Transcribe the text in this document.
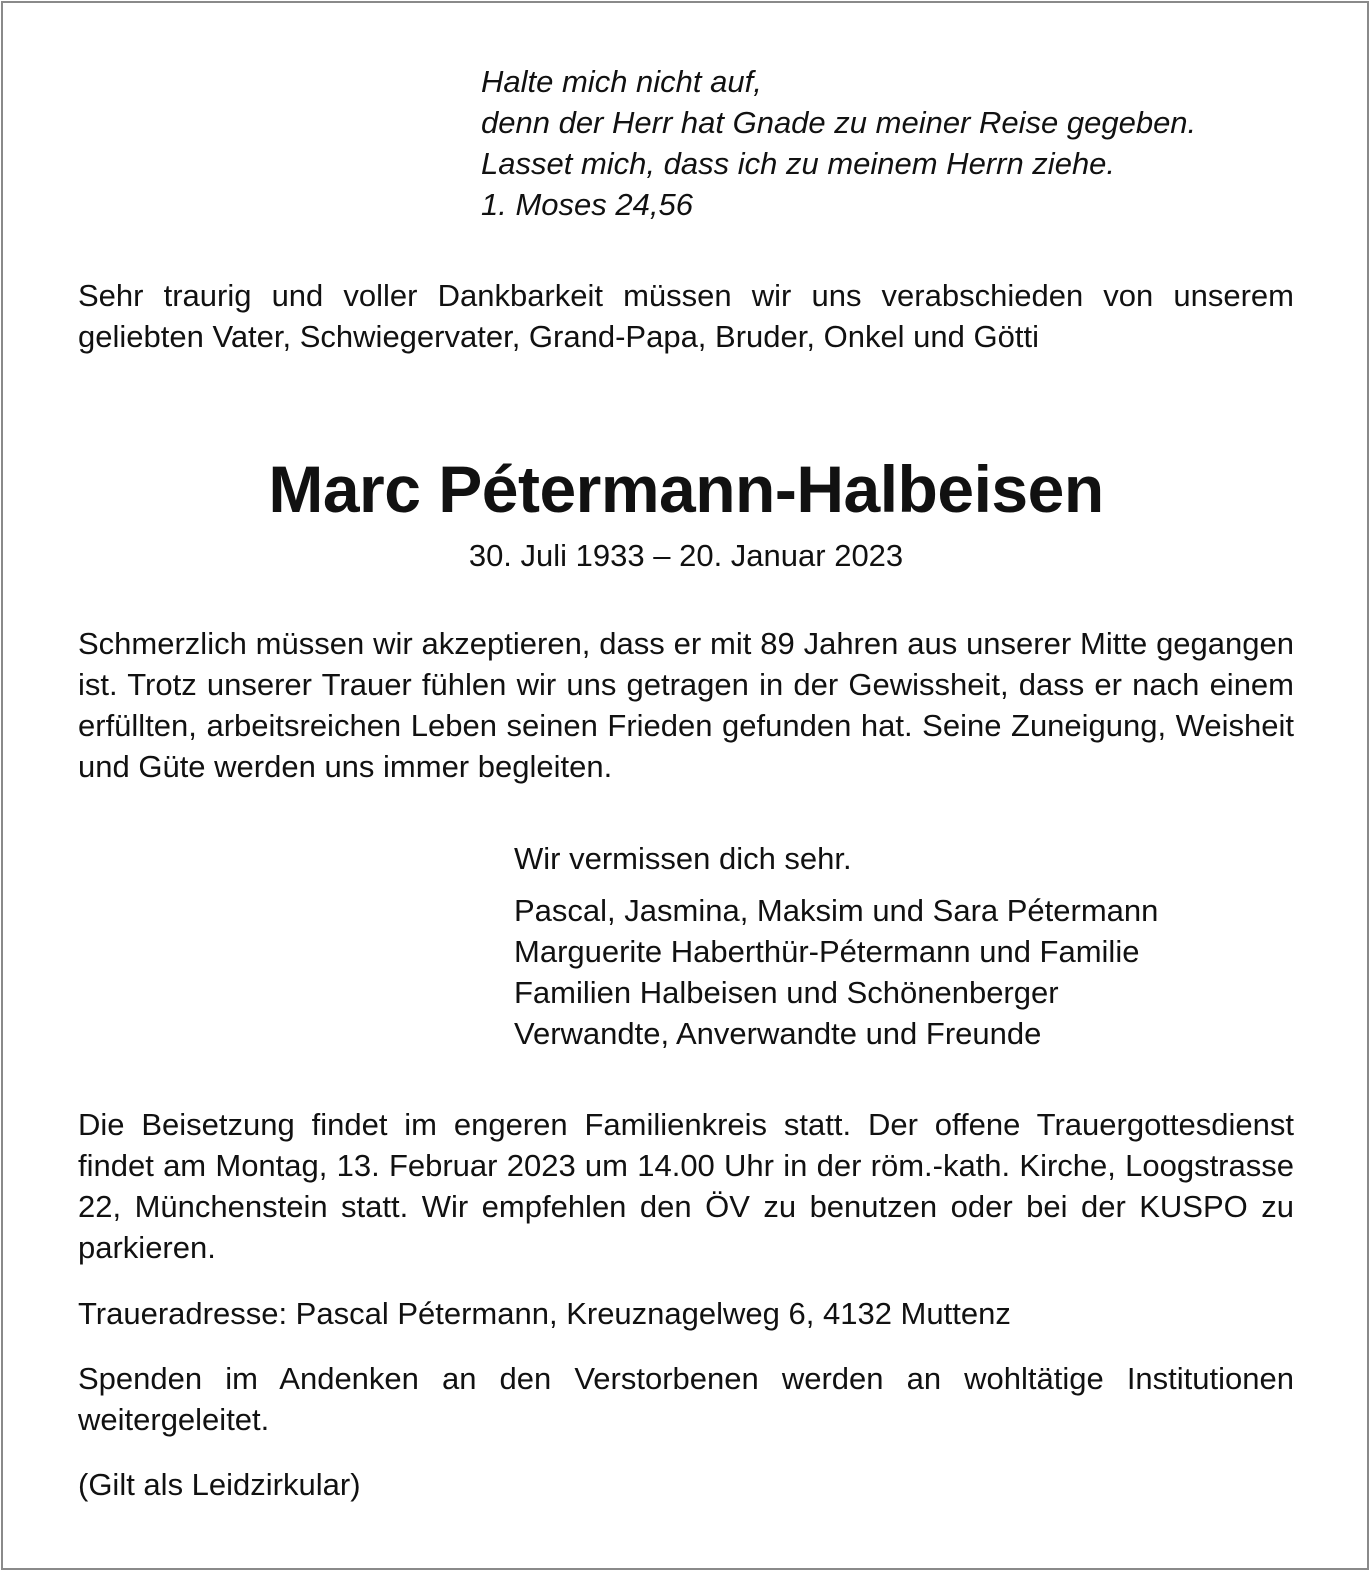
Halte mich nicht auf,
denn der Herr hat Gnade zu meiner Reise gegeben.
Lasset mich, dass ich zu meinem Herrn ziehe.
1. Moses 24,56
Sehr traurig und voller Dankbarkeit müssen wir uns verabschieden von unserem geliebten Vater, Schwiegervater, Grand-Papa, Bruder, Onkel und Götti
Marc Pétermann-Halbeisen
30. Juli 1933 – 20. Januar 2023
Schmerzlich müssen wir akzeptieren, dass er mit 89 Jahren aus unserer Mitte gegangen ist. Trotz unserer Trauer fühlen wir uns getragen in der Gewissheit, dass er nach einem erfüllten, arbeitsreichen Leben seinen Frieden gefunden hat. Seine Zuneigung, Weisheit und Güte werden uns immer begleiten.
Wir vermissen dich sehr.
Pascal, Jasmina, Maksim und Sara Pétermann
Marguerite Haberthür-Pétermann und Familie
Familien Halbeisen und Schönenberger
Verwandte, Anverwandte und Freunde
Die Beisetzung findet im engeren Familienkreis statt. Der offene Trauergottesdienst findet am Montag, 13. Februar 2023 um 14.00 Uhr in der röm.-kath. Kirche, Loogstrasse 22, Münchenstein statt. Wir empfehlen den ÖV zu benutzen oder bei der KUSPO zu parkieren.
Traueradresse: Pascal Pétermann, Kreuznagelweg 6, 4132 Muttenz
Spenden im Andenken an den Verstorbenen werden an wohltätige Institutionen weitergeleitet.
(Gilt als Leidzirkular)
